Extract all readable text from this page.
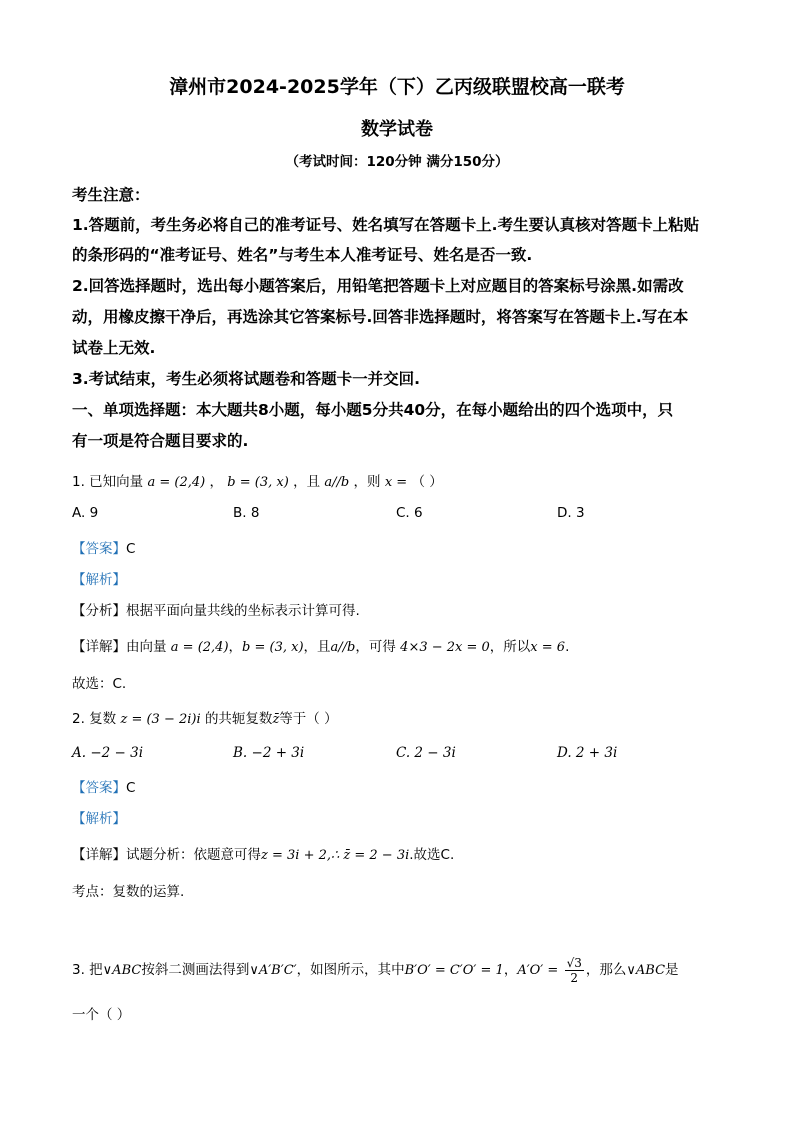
漳州市2024-2025学年（下）乙丙级联盟校高一联考
数学试卷
（考试时间：120分钟 满分150分）
考生注意：
1.答题前，考生务必将自己的准考证号、姓名填写在答题卡上.考生要认真核对答题卡上粘贴
的条形码的“准考证号、姓名”与考生本人准考证号、姓名是否一致.
2.回答选择题时，选出每小题答案后，用铅笔把答题卡上对应题目的答案标号涂黑.如需改
动，用橡皮擦干净后，再选涂其它答案标号.回答非选择题时，将答案写在答题卡上.写在本
试卷上无效.
3.考试结束，考生必须将试题卷和答题卡一并交回.
一、单项选择题：本大题共8小题，每小题5分共40分，在每小题给出的四个选项中，只
有一项是符合题目要求的.
1. 已知向量 a = (2,4) ， b = (3, x) ，且 a//b ，则 x = （ ）
A. 9	B. 8	C. 6	D. 3
【答案】C
【解析】
【分析】根据平面向量共线的坐标表示计算可得.
【详解】由向量 a = (2,4)，b = (3, x)，且a//b，可得 4×3 − 2x = 0，所以x = 6.
故选：C.
2. 复数 z = (3 − 2i)i 的共轭复数z̄等于（ ）
A. −2 − 3i	B. −2 + 3i	C. 2 − 3i	D. 2 + 3i
【答案】C
【解析】
【详解】试题分析：依题意可得z = 3i + 2,∴ z̄ = 2 − 3i.故选C.
考点：复数的运算.
3. 把∨ABC按斜二测画法得到∨A′B′C′，如图所示，其中B′O′ = C′O′ = 1，$A'O' = \frac{√3}{2}$ ，那么∨ABC是
一个（ ）
